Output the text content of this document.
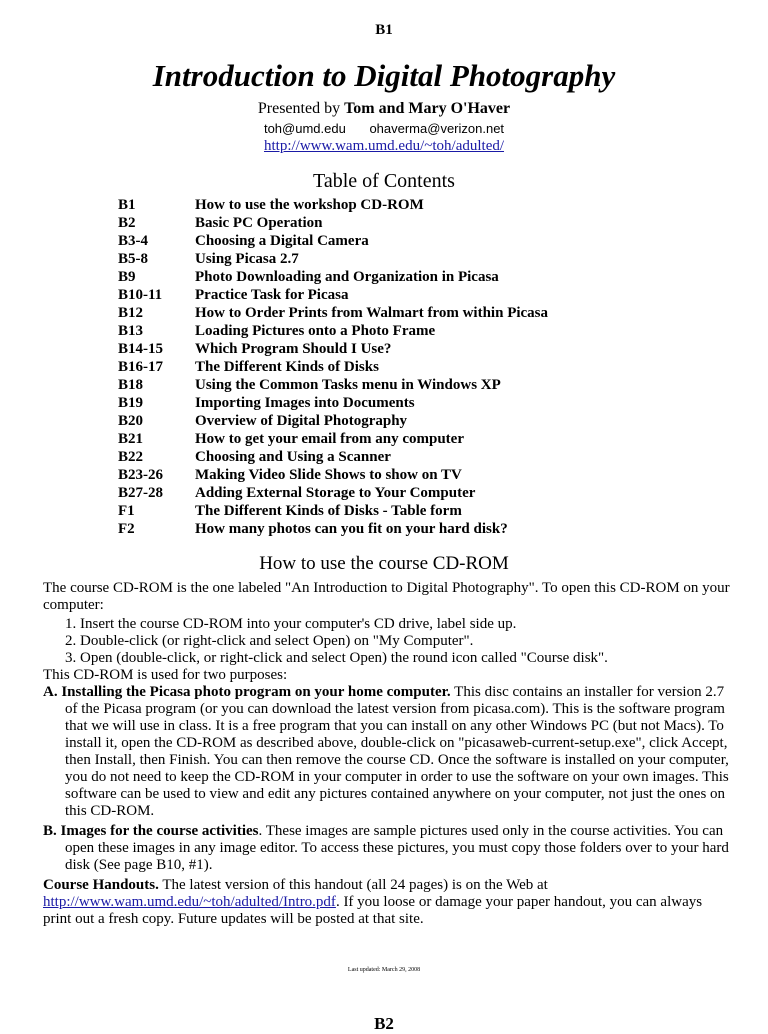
B1
Introduction to Digital Photography
Presented by Tom and Mary O'Haver
toh@umd.edu ohaverma@verizon.net
http://www.wam.umd.edu/~toh/adulted/
Table of Contents
B1	How to use the workshop CD-ROM
B2	Basic PC Operation
B3-4	Choosing a Digital Camera
B5-8	Using Picasa 2.7
B9	Photo Downloading and Organization in Picasa
B10-11 Practice Task for Picasa
B12	How to Order Prints from Walmart from within Picasa
B13	Loading Pictures onto a Photo Frame
B14-15 Which Program Should I Use?
B16-17 The Different Kinds of Disks
B18	Using the Common Tasks menu in Windows XP
B19	Importing Images into Documents
B20	Overview of Digital Photography
B21	How to get your email from any computer
B22	Choosing and Using a Scanner
B23-26 Making Video Slide Shows to show on TV
B27-28 Adding External Storage to Your Computer
F1	The Different Kinds of Disks - Table form
F2	How many photos can you fit on your hard disk?
How to use the course CD-ROM

The course CD-ROM is the one labeled "An Introduction to Digital Photography". To open this CD-ROM on your computer:

1. Insert the course CD-ROM into your computer's CD drive, label side up.
2. Double-click (or right-click and select Open) on "My Computer".
3. Open (double-click, or right-click and select Open) the round icon called "Course disk".

This CD-ROM is used for two purposes:

A. Installing the Picasa photo program on your home computer. This disc contains an installer for version 2.7 of the Picasa program (or you can download the latest version from picasa.com). This is the software program that we will use in class. It is a free program that you can install on any other Windows PC (but not Macs). To install it, open the CD-ROM as described above, double-click on "picasaweb-current-setup.exe", click Accept, then Install, then Finish. You can then remove the course CD. Once the software is installed on your computer, you do not need to keep the CD-ROM in your computer in order to use the software on your own images. This software can be used to view and edit any pictures contained anywhere on your computer, not just the ones on this CD-ROM.

B. Images for the course activities. These images are sample pictures used only in the course activities. You can open these images in any image editor. To access these pictures, you must copy those folders over to your hard disk (See page B10, #1).

Course Handouts. The latest version of this handout (all 24 pages) is on the Web at http://www.wam.umd.edu/~toh/adulted/Intro.pdf. If you loose or damage your paper handout, you can always print out a fresh copy. Future updates will be posted at that site.

Last updated: March 29, 2008
B2
